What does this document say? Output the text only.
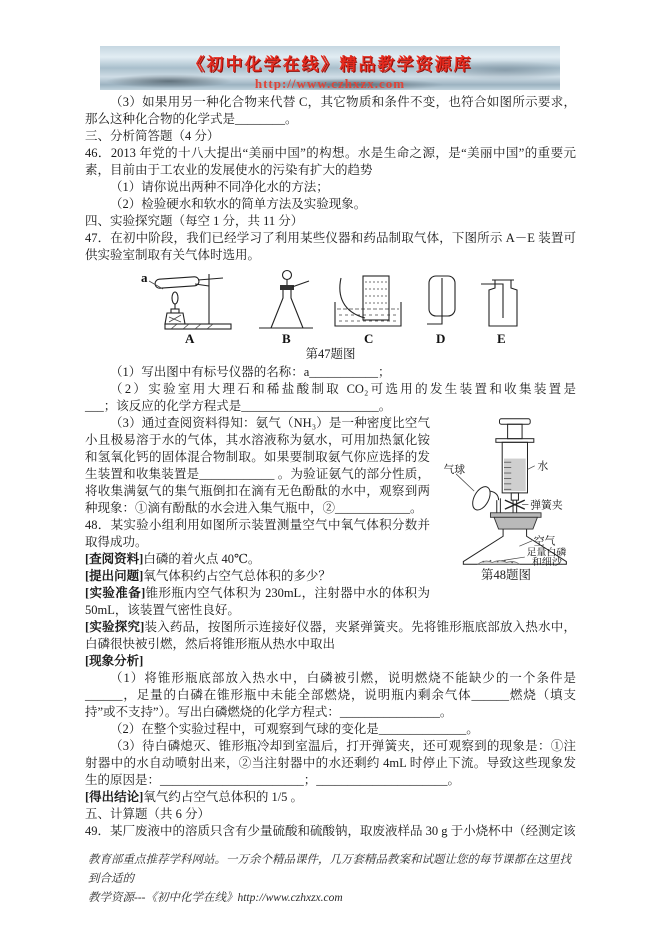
《初中化学在线》精品教学资源库
http://www.czhxzx.com

（3）如果用另一种化合物来代替 C，其它物质和条件不变，也符合如图所示要求，那么这种化合物的化学式是________。

三、分析简答题（4 分）

46．2013 年党的十八大提出“美丽中国”的构想。水是生命之源，是“美丽中国”的重要元素，目前由于工农业的发展使水的污染有扩大的趋势

（1）请你说出两种不同净化水的方法；

（2）检验硬水和软水的简单方法及实验现象。

四、实验探究题（每空 1 分，共 11 分）

47．在初中阶段，我们已经学习了利用某些仪器和药品制取气体，下图所示 A－E 装置可供实验室制取有关气体时选用。

a
A	B	C	D	E
第47题图

（1）写出图中有标号仪器的名称：a___________；

（2）实验室用大理石和稀盐酸制取 CO₂可选用的发生装置和收集装置是

___；该反应的化学方程式是______________________。

气球	水
弹簧夹
空气
足量白磷
和细沙
第48题图

（3）通过查阅资料得知：氨气（NH₃）是一种密度比空气小且极易溶于水的气体，其水溶液称为氨水，可用加热氯化铵和氢氧化钙的固体混合物制取。如果要制取氨气你应选择的发生装置和收集装置是____________ 。为验证氨气的部分性质，将收集满氨气的集气瓶倒扣在滴有无色酚酞的水中，观察到两种现象：①滴有酚酞的水会进入集气瓶中，②____________。

48．某实验小组利用如图所示装置测量空气中氧气体积分数并取得成功。

[查阅资料]白磷的着火点 40℃。

[提出问题]氧气体积约占空气总体积的多少？

[实验准备]锥形瓶内空气体积为 230mL，注射器中水的体积为 50mL，该装置气密性良好。

[实验探究]装入药品，按图所示连接好仪器，夹紧弹簧夹。先将锥形瓶底部放入热水中，白磷很快被引燃，然后将锥形瓶从热水中取出

[现象分析]

（1）将锥形瓶底部放入热水中，白磷被引燃，说明燃烧不能缺少的一个条件是______，足量的白磷在锥形瓶中未能全部燃烧，说明瓶内剩余气体______燃烧（填支持”或不支持”）。写出白磷燃烧的化学方程式：________________。

（2）在整个实验过程中，可观察到气球的变化是______________。

（3）待白磷熄灭、锥形瓶冷却到室温后，打开弹簧夹，还可观察到的现象是：①注射器中的水自动喷射出来，②当注射器中的水还剩约 4mL 时停止下流。导致这些现象发生的原因是：_______________________；_____________________。

[得出结论]氧气约占空气总体积的 1/5 。

五、计算题（共 6 分）

49．某厂废液中的溶质只含有少量硫酸和硫酸钠，取废液样品 30 g 于小烧杯中（经测定该

教育部重点推荐学科网站。一万余个精品课件，几万套精品教案和试题让您的每节课都在这里找到合适的
教学资源---《初中化学在线》http://www.czhxzx.com
